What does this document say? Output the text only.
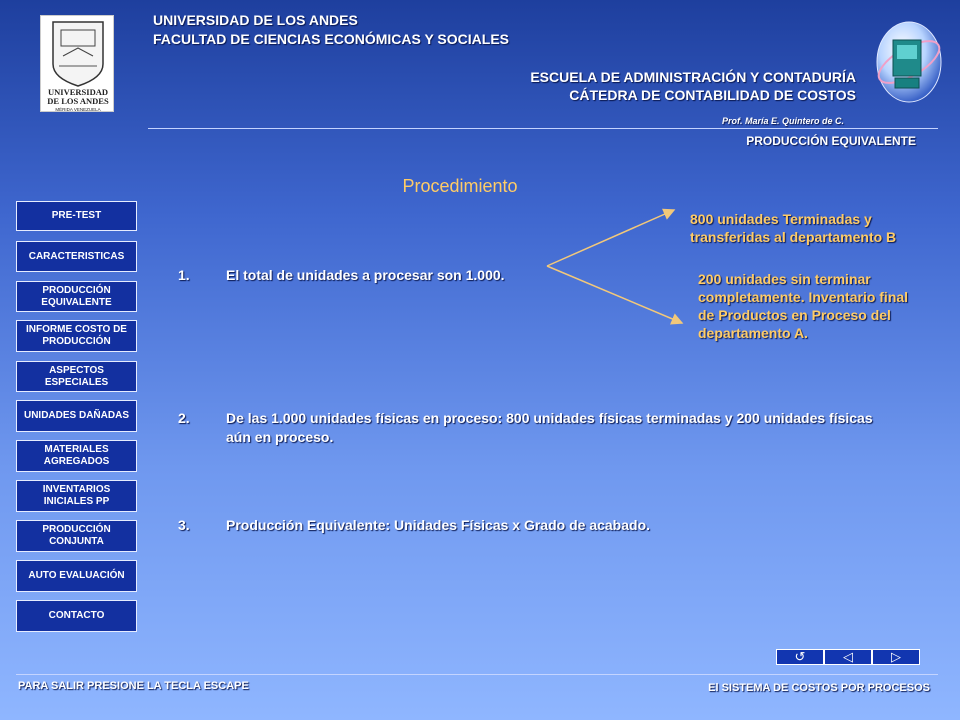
UNIVERSIDAD
DE LOS ANDES
MÉRIDA VENEZUELA
UNIVERSIDAD DE LOS ANDES
FACULTAD DE CIENCIAS ECONÓMICAS Y SOCIALES
ESCUELA DE ADMINISTRACIÓN Y CONTADURÍA
CÁTEDRA DE CONTABILIDAD DE COSTOS
Prof. María E. Quintero de C.
PRODUCCIÓN EQUIVALENTE
Procedimiento
PRE-TEST
CARACTERISTICAS
PRODUCCIÓN EQUIVALENTE
INFORME COSTO DE PRODUCCIÓN
ASPECTOS ESPECIALES
UNIDADES DAÑADAS
MATERIALES AGREGADOS
INVENTARIOS INICIALES PP
PRODUCCIÓN CONJUNTA
AUTO EVALUACIÓN
CONTACTO
1.	El total de unidades a procesar son 1.000.
2.	De las 1.000 unidades físicas en proceso: 800 unidades físicas terminadas y 200 unidades físicas aún en proceso.
3.	Producción Equivalente: Unidades Físicas x Grado de acabado.
800 unidades Terminadas y transferidas al departamento B
200 unidades sin terminar completamente. Inventario final de Productos en Proceso del departamento A.
↺	◁	▷
PARA SALIR PRESIONE LA TECLA ESCAPE	El SISTEMA DE COSTOS POR PROCESOS
